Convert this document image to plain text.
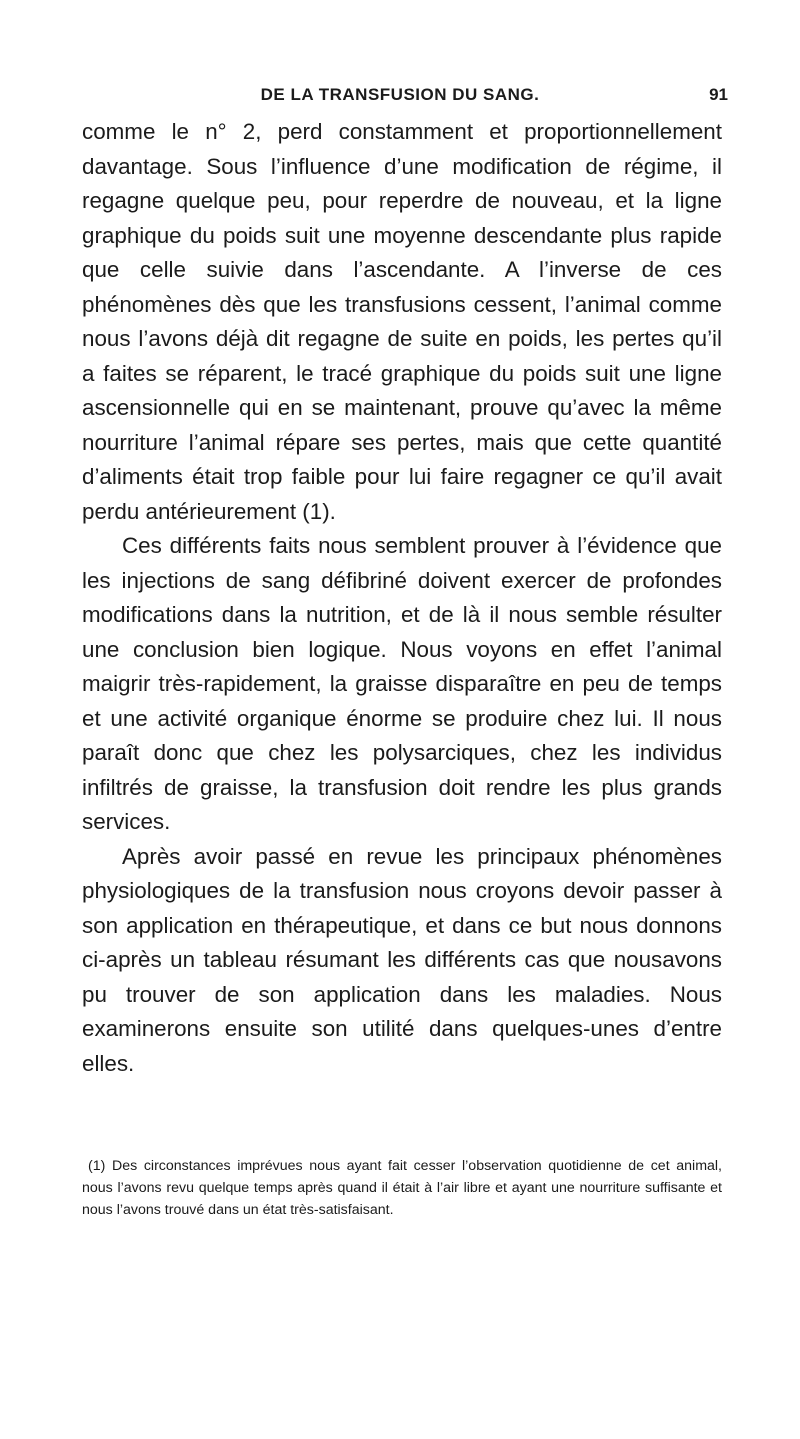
DE LA TRANSFUSION DU SANG.	91

comme le n° 2, perd constamment et proportionnellement davantage. Sous l’influence d’une modification de régime, il regagne quelque peu, pour reperdre de nouveau, et la ligne graphique du poids suit une moyenne descendante plus rapide que celle suivie dans l’ascendante. A l’inverse de ces phénomènes dès que les transfusions cessent, l’animal comme nous l’avons déjà dit regagne de suite en poids, les pertes qu’il a faites se réparent, le tracé graphique du poids suit une ligne ascensionnelle qui en se maintenant, prouve qu’avec la même nourriture l’animal répare ses pertes, mais que cette quantité d’aliments était trop faible pour lui faire regagner ce qu’il avait perdu antérieurement (1).

Ces différents faits nous semblent prouver à l’évidence que les injections de sang défibriné doivent exercer de profondes modifications dans la nutrition, et de là il nous semble résulter une conclusion bien logique. Nous voyons en effet l’animal maigrir très-rapidement, la graisse disparaître en peu de temps et une activité organique énorme se produire chez lui. Il nous paraît donc que chez les polysarciques, chez les individus infiltrés de graisse, la transfusion doit rendre les plus grands services.

Après avoir passé en revue les principaux phénomènes physiologiques de la transfusion nous croyons devoir passer à son application en thérapeutique, et dans ce but nous donnons ci-après un tableau résumant les différents cas que nousavons pu trouver de son application dans les maladies. Nous examinerons ensuite son utilité dans quelques-unes d’entre elles.

(1) Des circonstances imprévues nous ayant fait cesser l’observation quotidienne de cet animal, nous l’avons revu quelque temps après quand il était à l’air libre et ayant une nourriture suffisante et nous l’avons trouvé dans un état très-satisfaisant.
